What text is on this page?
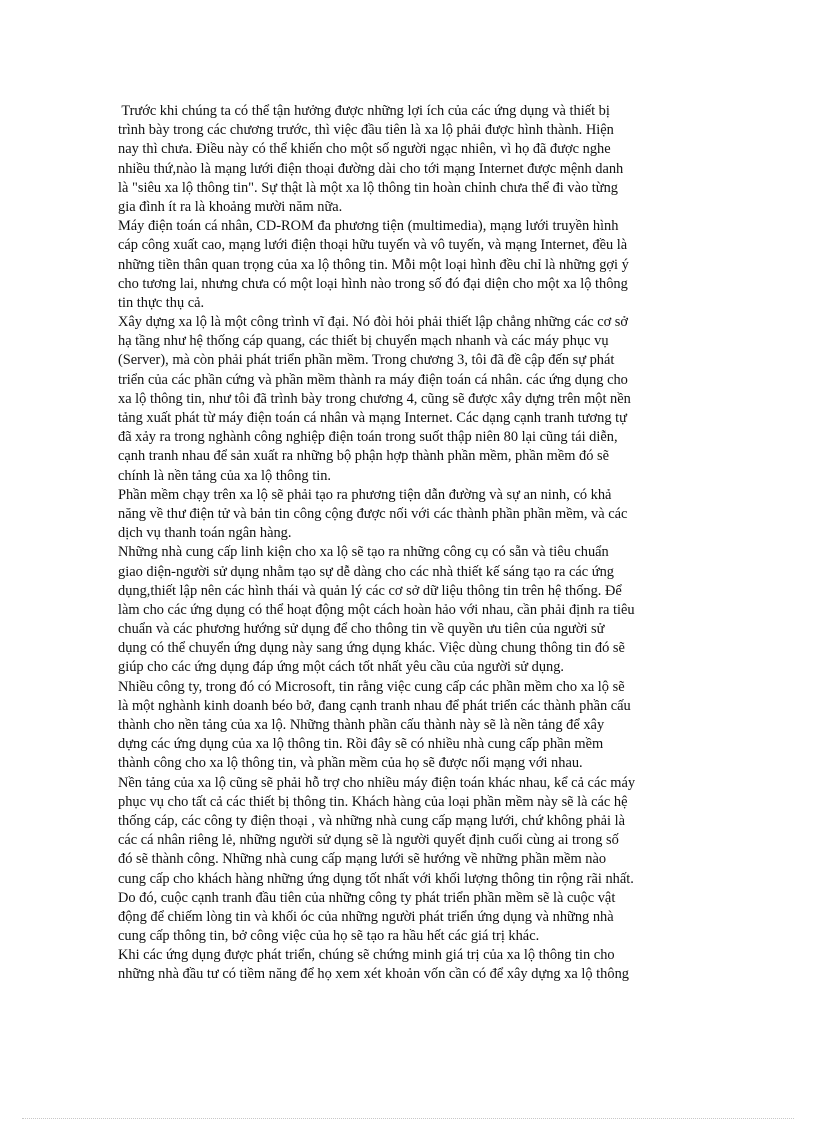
Trước khi chúng ta có thể tận hưởng được những lợi ích của các ứng dụng và thiết bị
trình bày trong các chương trước, thì việc đầu tiên là xa lộ phải được hình thành. Hiện
nay thì chưa. Điều này có thể khiến cho một số người ngạc nhiên, vì họ đã được nghe
nhiều thứ,nào là mạng lưới điện thoại đường dài cho tới mạng Internet được mệnh danh
là "siêu xa lộ thông tin". Sự thật là một xa lộ thông tin hoàn chỉnh chưa thể đi vào từng
gia đình ít ra là khoảng mười năm nữa.
Máy điện toán cá nhân, CD-ROM đa phương tiện (multimedia), mạng lưới truyền hình
cáp công xuất cao, mạng lưới điện thoại hữu tuyến và vô tuyến, và mạng Internet, đều là
những tiền thân quan trọng của xa lộ thông tin. Mỗi một loại hình đều chỉ là những gợi ý
cho tương lai, nhưng chưa có một loại hình nào trong số đó đại diện cho một xa lộ thông
tin thực thụ cả.
Xây dựng xa lộ là một công trình vĩ đại. Nó đòi hỏi phải thiết lập chẳng những các cơ sở
hạ tầng như hệ thống cáp quang, các thiết bị chuyển mạch nhanh và các máy phục vụ
(Server), mà còn phải phát triển phần mềm. Trong chương 3, tôi đã đề cập đến sự phát
triển của các phần cứng và phần mềm thành ra máy điện toán cá nhân. các ứng dụng cho
xa lộ thông tin, như tôi đã trình bày trong chương 4, cũng sẽ được xây dựng trên một nền
tảng xuất phát từ máy điện toán cá nhân và mạng Internet. Các dạng cạnh tranh tương tự
đã xảy ra trong nghành công nghiệp điện toán trong suốt thập niên 80 lại cũng tái diễn,
cạnh tranh nhau để sản xuất ra những bộ phận hợp thành phần mềm, phần mềm đó sẽ
chính là nền tảng của xa lộ thông tin.
Phần mềm chạy trên xa lộ sẽ phải tạo ra phương tiện dẫn đường và sự an ninh, có khả
năng về thư điện tử và bản tin công cộng được nối với các thành phần phần mềm, và các
dịch vụ thanh toán ngân hàng.
Những nhà cung cấp linh kiện cho xa lộ sẽ tạo ra những công cụ có sẵn và tiêu chuẩn
giao diện-người sử dụng nhằm tạo sự dễ dàng cho các nhà thiết kế sáng tạo ra các ứng
dụng,thiết lập nên các hình thái và quản lý các cơ sở dữ liệu thông tin trên hệ thống. Để
làm cho các ứng dụng có thể hoạt động một cách hoàn hảo với nhau, cần phải định ra tiêu
chuẩn và các phương hướng sử dụng để cho thông tin về quyền ưu tiên của người sử
dụng có thể chuyển ứng dụng này sang ứng dụng khác. Việc dùng chung thông tin đó sẽ
giúp cho các ứng dụng đáp ứng một cách tốt nhất yêu cầu của người sử dụng.
Nhiều công ty, trong đó có Microsoft, tin rằng việc cung cấp các phần mềm cho xa lộ sẽ
là một nghành kinh doanh béo bở, đang cạnh tranh nhau để phát triển các thành phần cấu
thành cho nền tảng của xa lộ. Những thành phần cấu thành này sẽ là nền tảng để xây
dựng các ứng dụng của xa lộ thông tin. Rồi đây sẽ có nhiều nhà cung cấp phần mềm
thành công cho xa lộ thông tin, và phần mềm của họ sẽ được nối mạng với nhau.
Nền tảng của xa lộ cũng sẽ phải hỗ trợ cho nhiều máy điện toán khác nhau, kể cả các máy
phục vụ cho tất cả các thiết bị thông tin. Khách hàng của loại phần mềm này sẽ là các hệ
thống cáp, các công ty điện thoại , và những nhà cung cấp mạng lưới, chứ không phải là
các cá nhân riêng lẻ, những người sử dụng sẽ là người quyết định cuối cùng ai trong số
đó sẽ thành công. Những nhà cung cấp mạng lưới sẽ hướng về những phần mềm nào
cung cấp cho khách hàng những ứng dụng tốt nhất với khối lượng thông tin rộng rãi nhất.
Do đó, cuộc cạnh tranh đầu tiên của những công ty phát triển phần mềm sẽ là cuộc vật
động để chiếm lòng tin và khối óc của những người phát triển ứng dụng và những nhà
cung cấp thông tin, bở công việc của họ sẽ tạo ra hầu hết các giá trị khác.
Khi các ứng dụng được phát triển, chúng sẽ chứng minh giá trị của xa lộ thông tin cho
những nhà đầu tư có tiềm năng để họ xem xét khoản vốn cần có để xây dựng xa lộ thông
